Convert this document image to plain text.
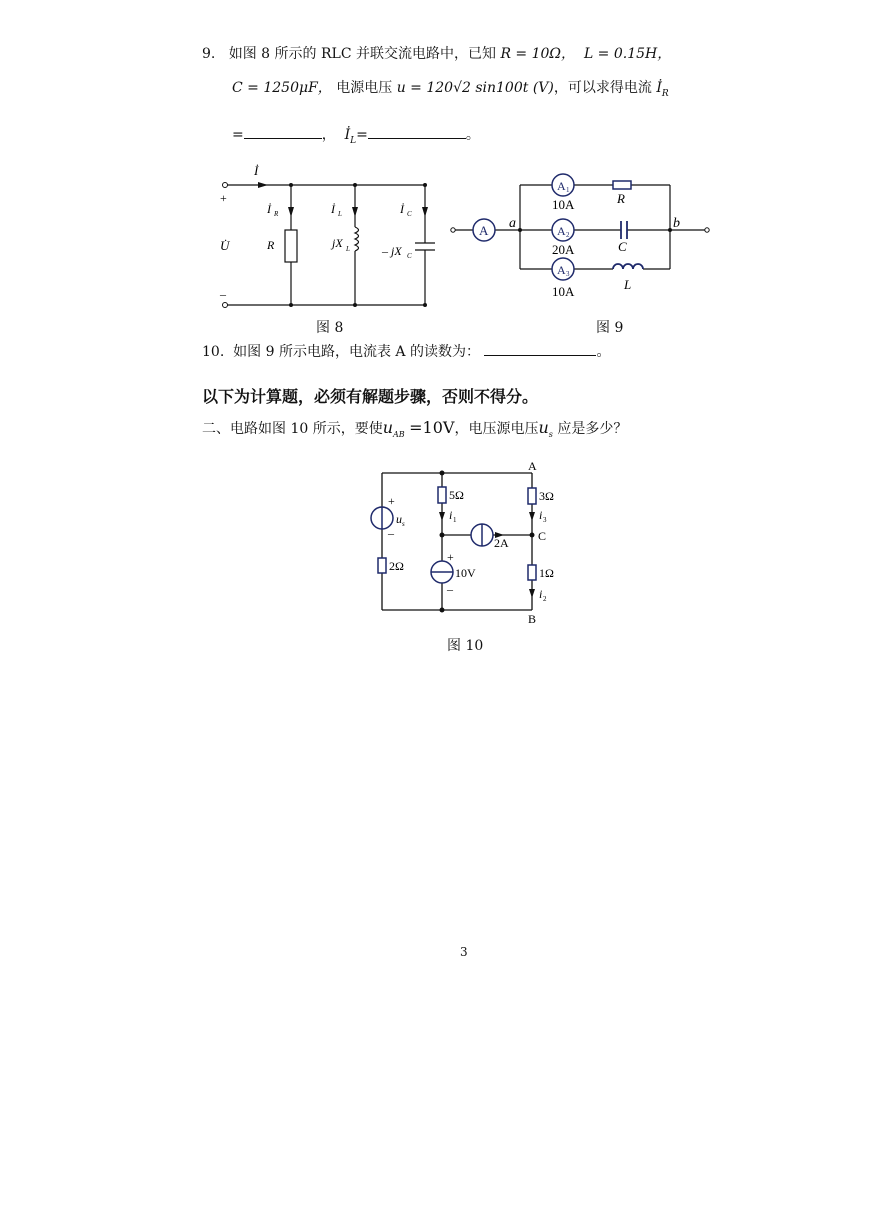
9. 如图 8 所示的 RLC 并联交流电路中，已知 R = 10Ω， L = 0.15H，
C = 1250μF， 电源电压 u = 120√2 sin100t (V)，可以求得电流 $İ_R$
=	， $İ_L=$	。
İ
+
–
U̇
İ R	İ L	İ C
R	jX L	– jX C
图 8
A
A 1
A 2
A 3
10A
20A
10A
R
C
L
a	b
图 9
10. 如图 9 所示电路，电流表 A 的读数为：	。
以下为计算题，必须有解题步骤，否则不得分。
二、电路如图 10 所示，要使$u_{AB} =10V$，电压源电压$u_s$ 应是多少？
A
B
C
5Ω	3Ω
2Ω	1Ω
i 1	i 3
i 2
2A
10V
u s
+
–
+
–
图 10
3
